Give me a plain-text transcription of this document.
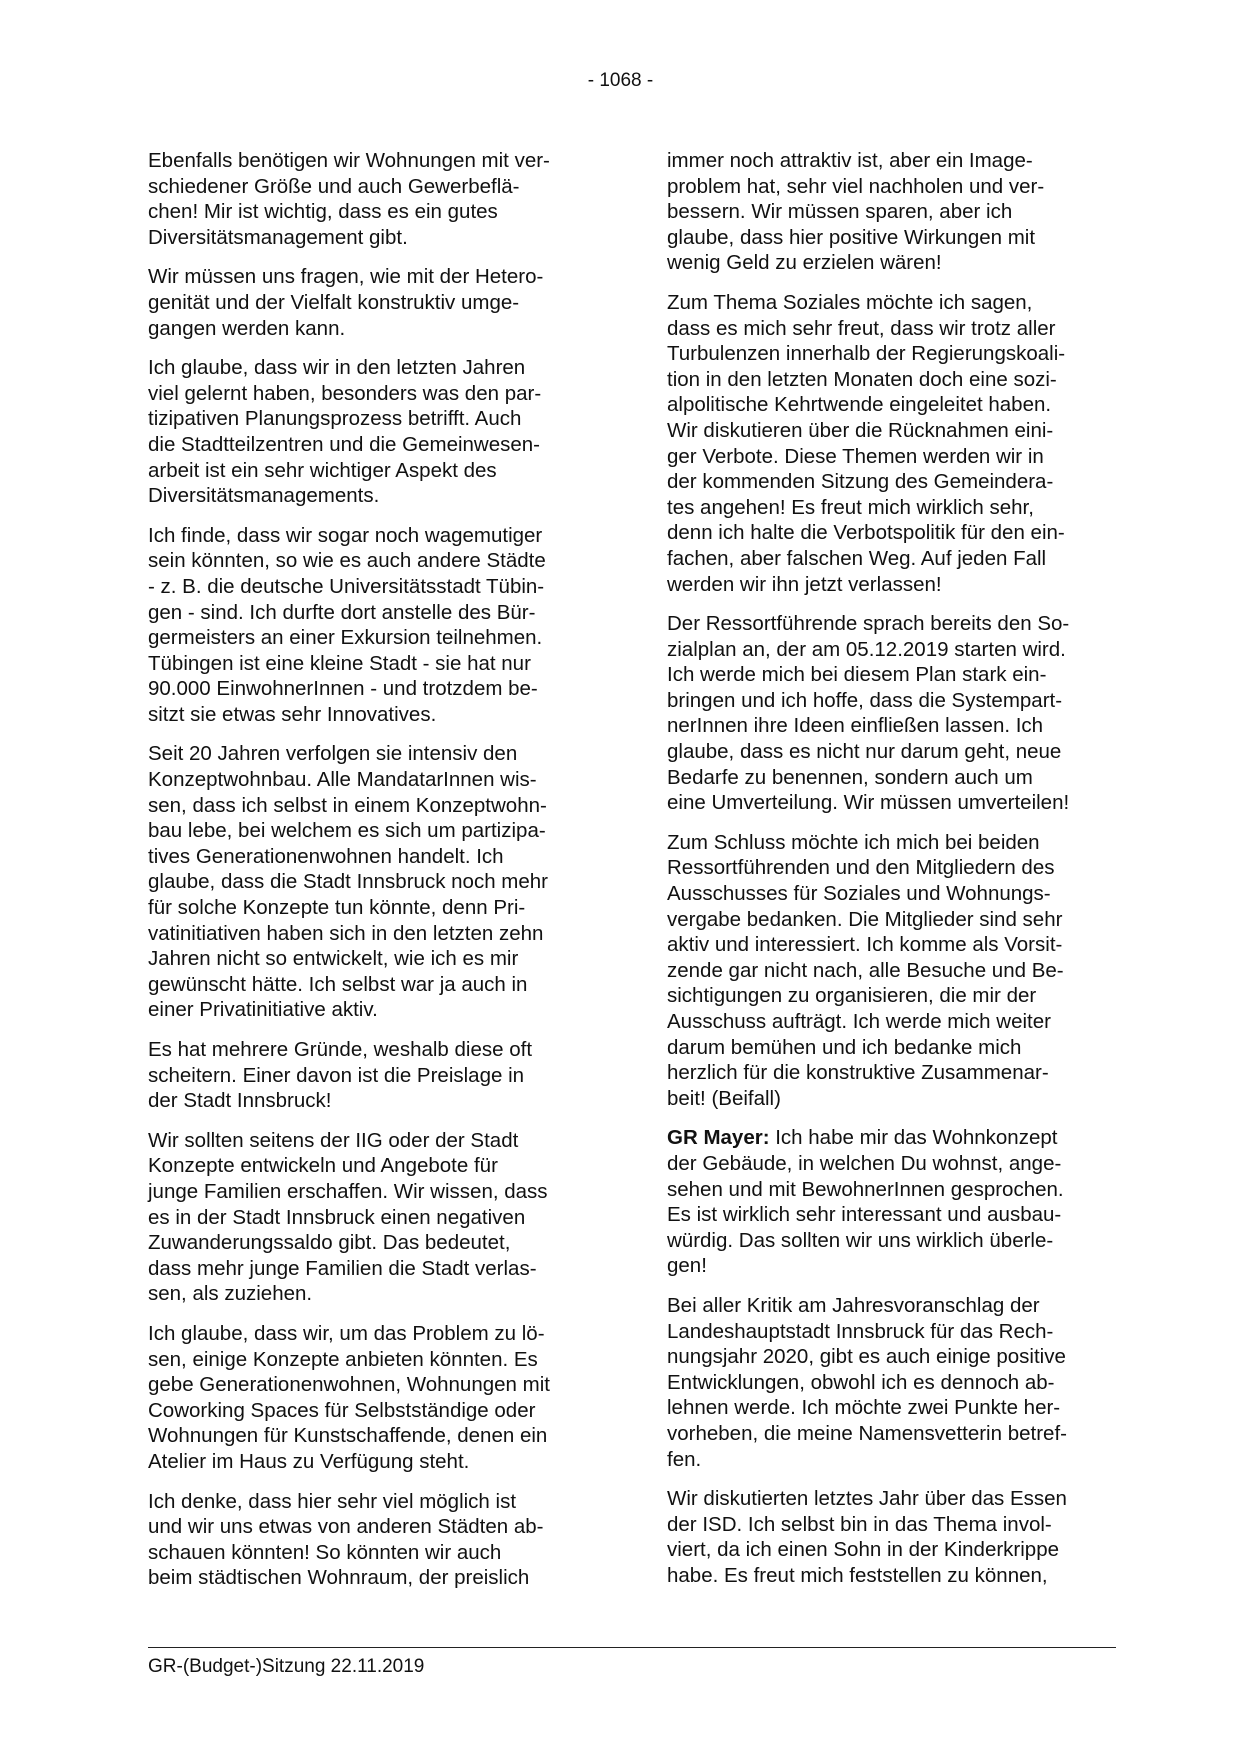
- 1068 -

Ebenfalls benötigen wir Wohnungen mit ver-
schiedener Größe und auch Gewerbeflä-
chen! Mir ist wichtig, dass es ein gutes
Diversitätsmanagement gibt.

Wir müssen uns fragen, wie mit der Hetero-
genität und der Vielfalt konstruktiv umge-
gangen werden kann.

Ich glaube, dass wir in den letzten Jahren
viel gelernt haben, besonders was den par-
tizipativen Planungsprozess betrifft. Auch
die Stadtteilzentren und die Gemeinwesen-
arbeit ist ein sehr wichtiger Aspekt des
Diversitätsmanagements.

Ich finde, dass wir sogar noch wagemutiger
sein könnten, so wie es auch andere Städte
- z. B. die deutsche Universitätsstadt Tübin-
gen - sind. Ich durfte dort anstelle des Bür-
germeisters an einer Exkursion teilnehmen.
Tübingen ist eine kleine Stadt - sie hat nur
90.000 EinwohnerInnen - und trotzdem be-
sitzt sie etwas sehr Innovatives.

Seit 20 Jahren verfolgen sie intensiv den
Konzeptwohnbau. Alle MandatarInnen wis-
sen, dass ich selbst in einem Konzeptwohn-
bau lebe, bei welchem es sich um partizipa-
tives Generationenwohnen handelt. Ich
glaube, dass die Stadt Innsbruck noch mehr
für solche Konzepte tun könnte, denn Pri-
vatinitiativen haben sich in den letzten zehn
Jahren nicht so entwickelt, wie ich es mir
gewünscht hätte. Ich selbst war ja auch in
einer Privatinitiative aktiv.

Es hat mehrere Gründe, weshalb diese oft
scheitern. Einer davon ist die Preislage in
der Stadt Innsbruck!

Wir sollten seitens der IIG oder der Stadt
Konzepte entwickeln und Angebote für
junge Familien erschaffen. Wir wissen, dass
es in der Stadt Innsbruck einen negativen
Zuwanderungssaldo gibt. Das bedeutet,
dass mehr junge Familien die Stadt verlas-
sen, als zuziehen.

Ich glaube, dass wir, um das Problem zu lö-
sen, einige Konzepte anbieten könnten. Es
gebe Generationenwohnen, Wohnungen mit
Coworking Spaces für Selbstständige oder
Wohnungen für Kunstschaffende, denen ein
Atelier im Haus zu Verfügung steht.

Ich denke, dass hier sehr viel möglich ist
und wir uns etwas von anderen Städten ab-
schauen könnten! So könnten wir auch
beim städtischen Wohnraum, der preislich

immer noch attraktiv ist, aber ein Image-
problem hat, sehr viel nachholen und ver-
bessern. Wir müssen sparen, aber ich
glaube, dass hier positive Wirkungen mit
wenig Geld zu erzielen wären!

Zum Thema Soziales möchte ich sagen,
dass es mich sehr freut, dass wir trotz aller
Turbulenzen innerhalb der Regierungskoali-
tion in den letzten Monaten doch eine sozi-
alpolitische Kehrtwende eingeleitet haben.
Wir diskutieren über die Rücknahmen eini-
ger Verbote. Diese Themen werden wir in
der kommenden Sitzung des Gemeindera-
tes angehen! Es freut mich wirklich sehr,
denn ich halte die Verbotspolitik für den ein-
fachen, aber falschen Weg. Auf jeden Fall
werden wir ihn jetzt verlassen!

Der Ressortführende sprach bereits den So-
zialplan an, der am 05.12.2019 starten wird.
Ich werde mich bei diesem Plan stark ein-
bringen und ich hoffe, dass die Systempart-
nerInnen ihre Ideen einfließen lassen. Ich
glaube, dass es nicht nur darum geht, neue
Bedarfe zu benennen, sondern auch um
eine Umverteilung. Wir müssen umverteilen!

Zum Schluss möchte ich mich bei beiden
Ressortführenden und den Mitgliedern des
Ausschusses für Soziales und Wohnungs-
vergabe bedanken. Die Mitglieder sind sehr
aktiv und interessiert. Ich komme als Vorsit-
zende gar nicht nach, alle Besuche und Be-
sichtigungen zu organisieren, die mir der
Ausschuss aufträgt. Ich werde mich weiter
darum bemühen und ich bedanke mich
herzlich für die konstruktive Zusammenar-
beit! (Beifall)

GR Mayer: Ich habe mir das Wohnkonzept
der Gebäude, in welchen Du wohnst, ange-
sehen und mit BewohnerInnen gesprochen.
Es ist wirklich sehr interessant und ausbau-
würdig. Das sollten wir uns wirklich überle-
gen!

Bei aller Kritik am Jahresvoranschlag der
Landeshauptstadt Innsbruck für das Rech-
nungsjahr 2020, gibt es auch einige positive
Entwicklungen, obwohl ich es dennoch ab-
lehnen werde. Ich möchte zwei Punkte her-
vorheben, die meine Namensvetterin betref-
fen.

Wir diskutierten letztes Jahr über das Essen
der ISD. Ich selbst bin in das Thema invol-
viert, da ich einen Sohn in der Kinderkrippe
habe. Es freut mich feststellen zu können,

GR-(Budget-)Sitzung 22.11.2019
